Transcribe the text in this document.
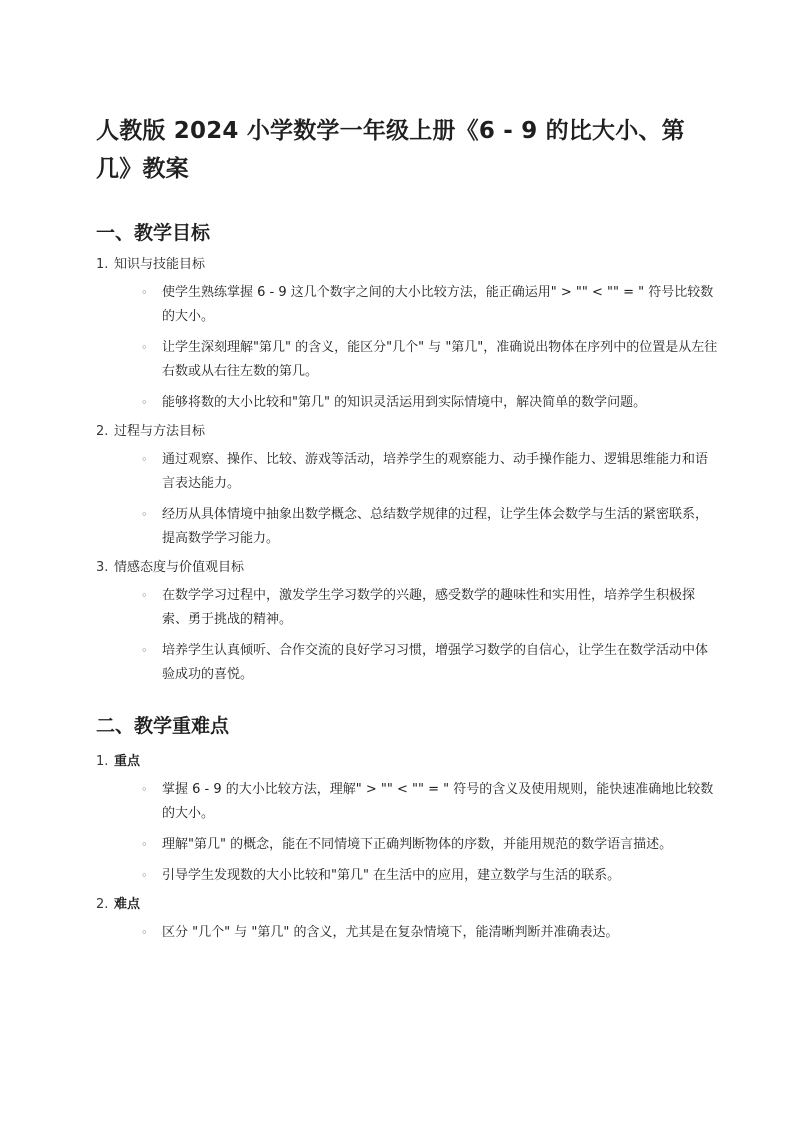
人教版 2024 小学数学一年级上册《6 - 9 的比大小、第几》教案
一、教学目标
1. 知识与技能目标
◦ 使学生熟练掌握 6 - 9 这几个数字之间的大小比较方法，能正确运用" > "" < "" = " 符号比较数的大小。
◦ 让学生深刻理解"第几" 的含义，能区分"几个" 与 "第几"，准确说出物体在序列中的位置是从左往右数或从右往左数的第几。
◦ 能够将数的大小比较和"第几" 的知识灵活运用到实际情境中，解决简单的数学问题。
2. 过程与方法目标
◦ 通过观察、操作、比较、游戏等活动，培养学生的观察能力、动手操作能力、逻辑思维能力和语言表达能力。
◦ 经历从具体情境中抽象出数学概念、总结数学规律的过程，让学生体会数学与生活的紧密联系，提高数学学习能力。
3. 情感态度与价值观目标
◦ 在数学学习过程中，激发学生学习数学的兴趣，感受数学的趣味性和实用性，培养学生积极探索、勇于挑战的精神。
◦ 培养学生认真倾听、合作交流的良好学习习惯，增强学习数学的自信心，让学生在数学活动中体验成功的喜悦。
二、教学重难点
1. 重点
◦ 掌握 6 - 9 的大小比较方法，理解" > "" < "" = " 符号的含义及使用规则，能快速准确地比较数的大小。
◦ 理解"第几" 的概念，能在不同情境下正确判断物体的序数，并能用规范的数学语言描述。
◦ 引导学生发现数的大小比较和"第几" 在生活中的应用，建立数学与生活的联系。
2. 难点
◦ 区分 "几个" 与 "第几" 的含义，尤其是在复杂情境下，能清晰判断并准确表达。
